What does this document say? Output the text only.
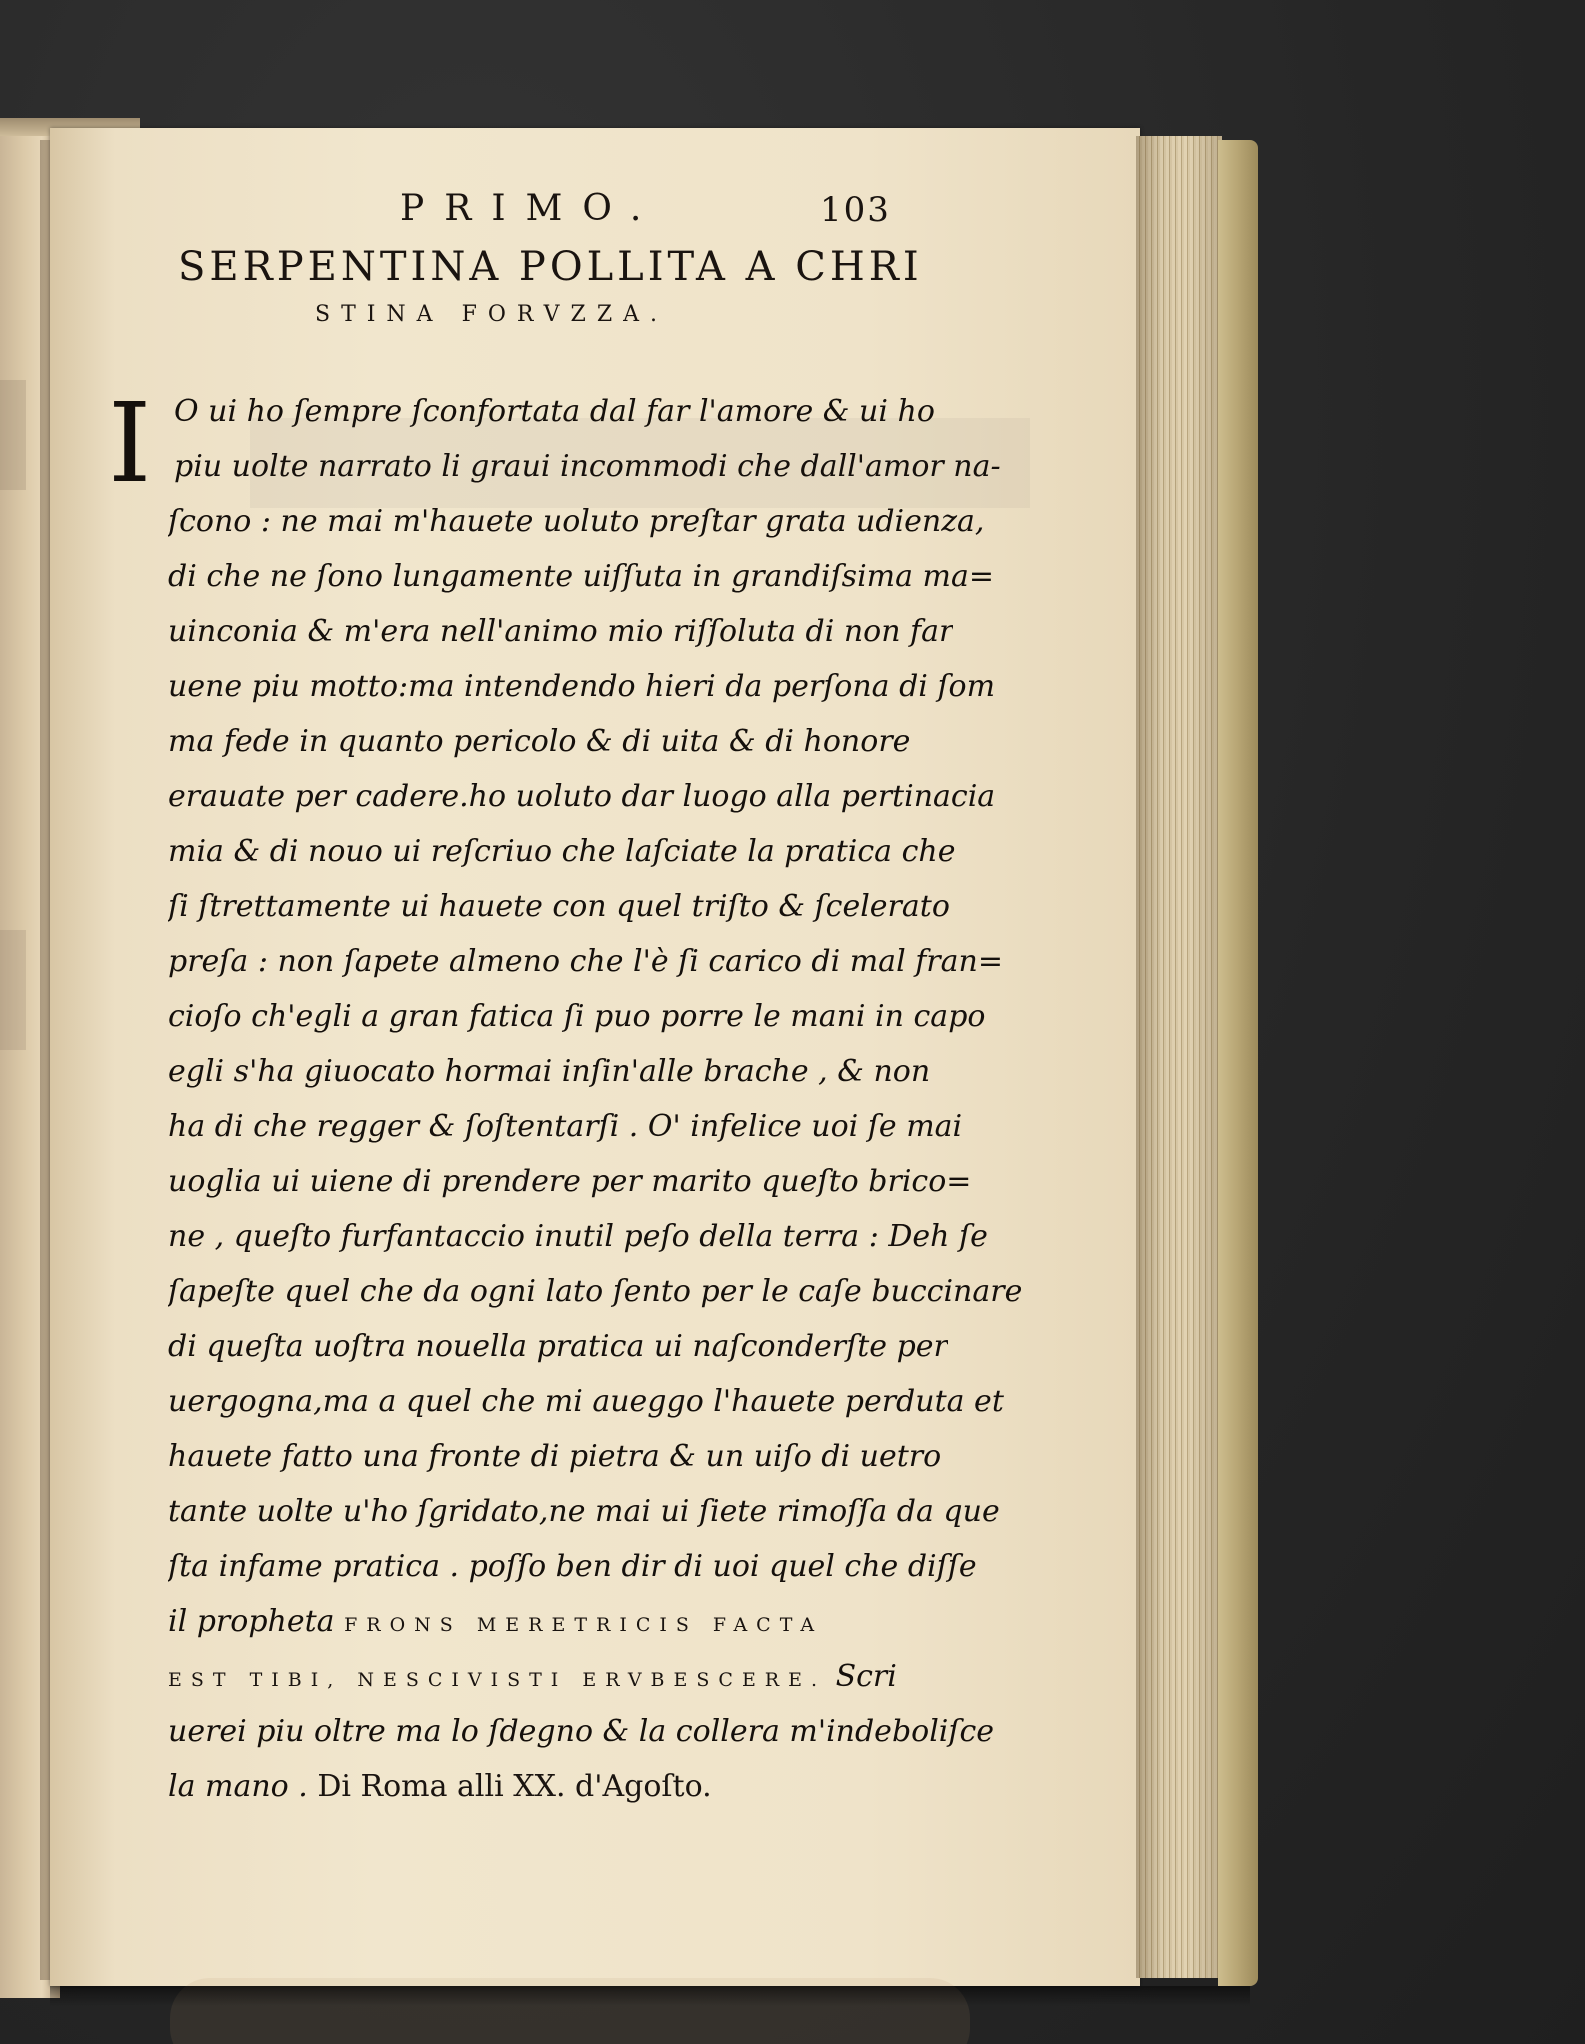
PRIMO.	103
SERPENTINA POLLITA A CHRI
STINA FORVZZA.
I O ui ho ſempre ſconfortata dal far l'amore & ui ho
piu uolte narrato li graui incommodi che dall'amor na-
ſcono : ne mai m'hauete uoluto preſtar grata udienza,
di che ne ſono lungamente uiſſuta in grandiſsima ma=
uinconia & m'era nell'animo mio riſſoluta di non far
uene piu motto:ma intendendo hieri da perſona di ſom
ma fede in quanto pericolo & di uita & di honore
erauate per cadere.ho uoluto dar luogo alla pertinacia
mia & di nouo ui reſcriuo che laſciate la pratica che
ſi ſtrettamente ui hauete con quel triſto & ſcelerato
preſa : non ſapete almeno che l'è ſi carico di mal fran=
cioſo ch'egli a gran fatica ſi puo porre le mani in capo
egli s'ha giuocato hormai inſin'alle brache , & non
ha di che regger & ſoſtentarſi . O' infelice uoi ſe mai
uoglia ui uiene di prendere per marito queſto brico=
ne , queſto furfantaccio inutil peſo della terra : Deh ſe
ſapeſte quel che da ogni lato ſento per le caſe buccinare
di queſta uoſtra nouella pratica ui naſconderſte per
uergogna,ma a quel che mi aueggo l'hauete perduta et
hauete fatto una fronte di pietra & un uiſo di uetro
tante uolte u'ho ſgridato,ne mai ui ſiete rimoſſa da que
ſta infame pratica . poſſo ben dir di uoi quel che diſſe
il propheta FRONS MERETRICIS FACTA
EST TIBI, NESCIVISTI ERVBESCERE. Scri
uerei piu oltre ma lo ſdegno & la collera m'indeboliſce
la mano . Di Roma alli XX. d'Agoſto.
